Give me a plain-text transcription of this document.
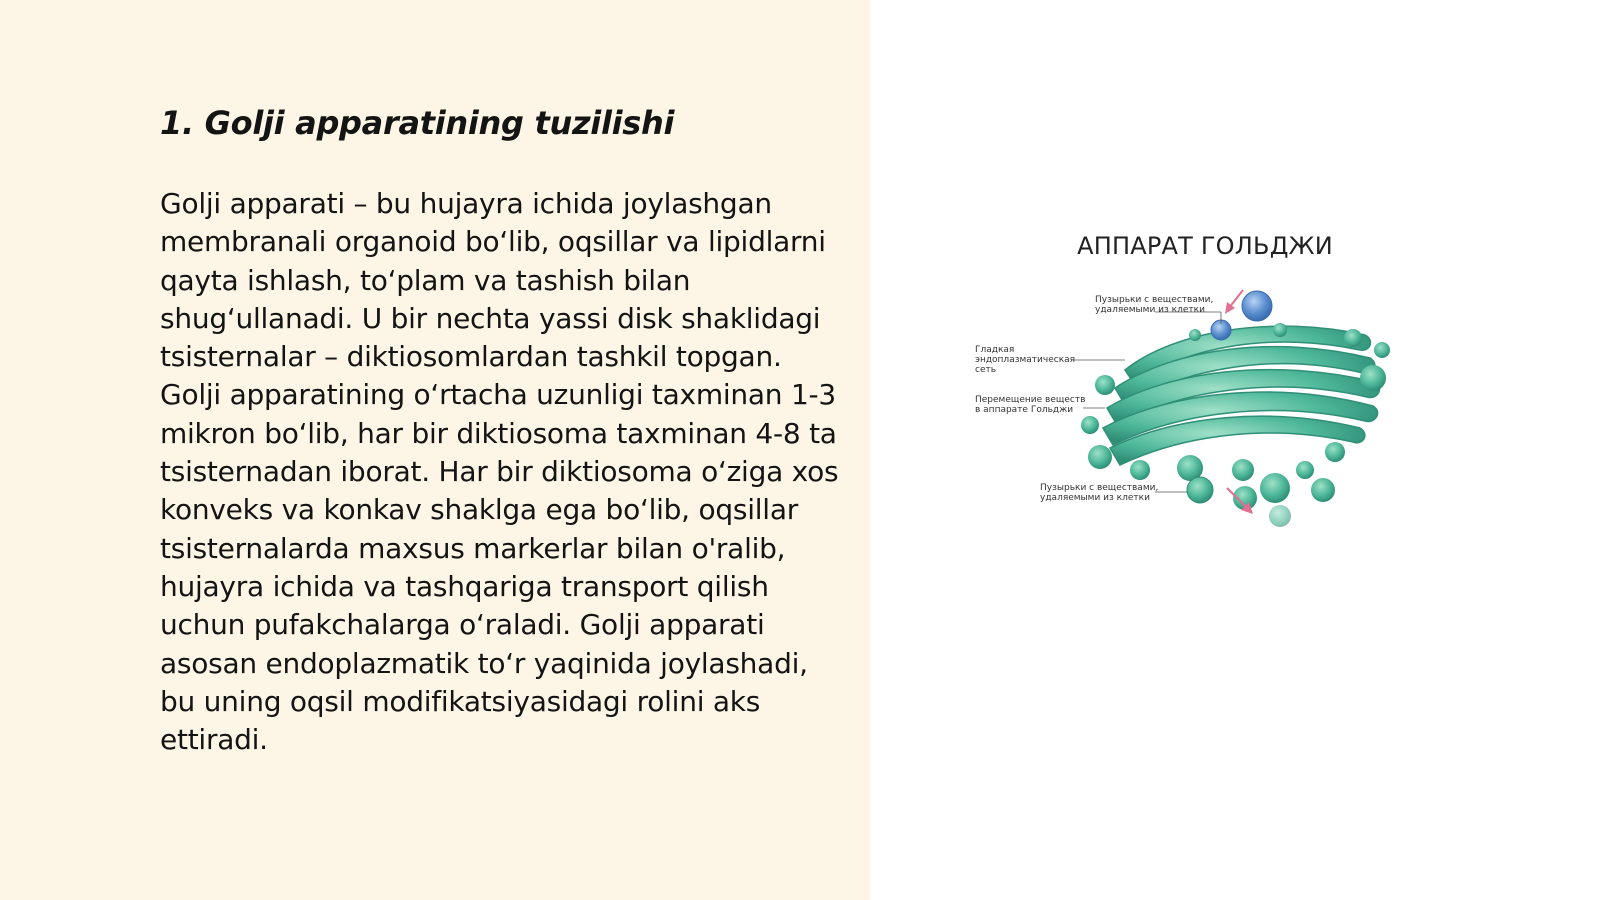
1. Golji apparatining tuzilishi

Golji apparati – bu hujayra ichida joylashgan membranali organoid bo‘lib, oqsillar va lipidlarni qayta ishlash, to‘plam va tashish bilan shug‘ullanadi. U bir nechta yassi disk shaklidagi tsisternalar – diktiosomlardan tashkil topgan. Golji apparatining o‘rtacha uzunligi taxminan 1-3 mikron bo‘lib, har bir diktiosoma taxminan 4-8 ta tsisternadan iborat. Har bir diktiosoma o‘ziga xos konveks va konkav shaklga ega bo‘lib, oqsillar tsisternalarda maxsus markerlar bilan o'ralib, hujayra ichida va tashqariga transport qilish uchun pufakchalarga o‘raladi. Golji apparati asosan endoplazmatik to‘r yaqinida joylashadi, bu uning oqsil modifikatsiyasidagi rolini aks ettiradi.

АППАРАТ ГОЛЬДЖИ
Пузырьки с веществами,
удаляемыми из клетки
Гладкая
эндоплазматическая
сеть
Перемещение веществ
в аппарате Гольджи
Пузырьки с веществами,
удаляемыми из клетки
